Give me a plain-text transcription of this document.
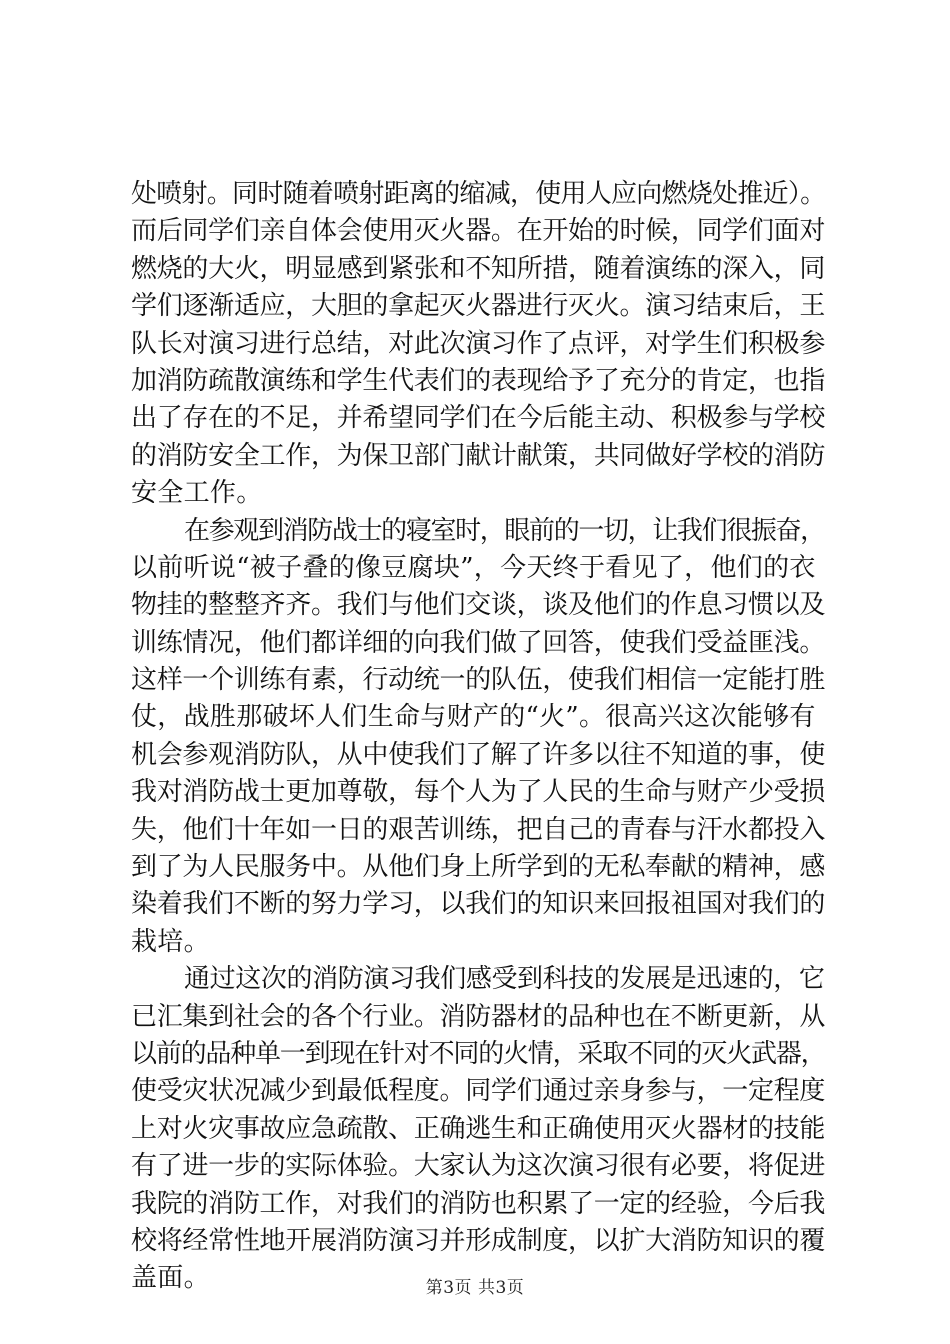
处喷射。同时随着喷射距离的缩减，使用人应向燃烧处推近）。
而后同学们亲自体会使用灭火器。在开始的时候，同学们面对
燃烧的大火，明显感到紧张和不知所措，随着演练的深入，同
学们逐渐适应，大胆的拿起灭火器进行灭火。演习结束后，王
队长对演习进行总结，对此次演习作了点评，对学生们积极参
加消防疏散演练和学生代表们的表现给予了充分的肯定，也指
出了存在的不足，并希望同学们在今后能主动、积极参与学校
的消防安全工作，为保卫部门献计献策，共同做好学校的消防
安全工作。
在参观到消防战士的寝室时，眼前的一切，让我们很振奋，
以前听说“被子叠的像豆腐块”，今天终于看见了，他们的衣
物挂的整整齐齐。我们与他们交谈，谈及他们的作息习惯以及
训练情况，他们都详细的向我们做了回答，使我们受益匪浅。
这样一个训练有素，行动统一的队伍，使我们相信一定能打胜
仗，战胜那破坏人们生命与财产的“火”。很高兴这次能够有
机会参观消防队，从中使我们了解了许多以往不知道的事，使
我对消防战士更加尊敬，每个人为了人民的生命与财产少受损
失，他们十年如一日的艰苦训练，把自己的青春与汗水都投入
到了为人民服务中。从他们身上所学到的无私奉献的精神，感
染着我们不断的努力学习，以我们的知识来回报祖国对我们的
栽培。
通过这次的消防演习我们感受到科技的发展是迅速的，它
已汇集到社会的各个行业。消防器材的品种也在不断更新，从
以前的品种单一到现在针对不同的火情，采取不同的灭火武器，
使受灾状况减少到最低程度。同学们通过亲身参与，一定程度
上对火灾事故应急疏散、正确逃生和正确使用灭火器材的技能
有了进一步的实际体验。大家认为这次演习很有必要，将促进
我院的消防工作，对我们的消防也积累了一定的经验，今后我
校将经常性地开展消防演习并形成制度，以扩大消防知识的覆
盖面。	第3页 共3页
